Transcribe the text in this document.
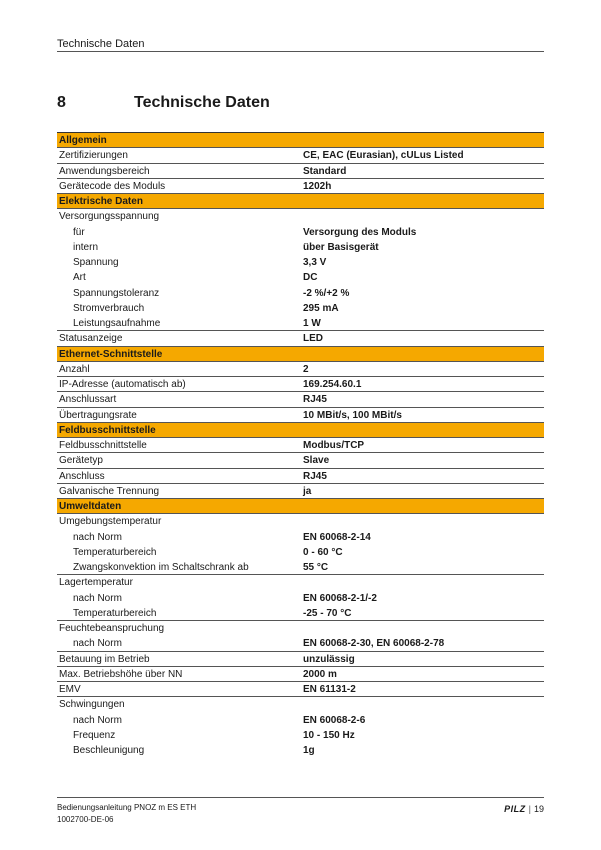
Technische Daten
8	Technische Daten
Allgemein
Zertifizierungen	CE, EAC (Eurasian), cULus Listed
Anwendungsbereich	Standard
Gerätecode des Moduls	1202h
Elektrische Daten
Versorgungsspannung
für	Versorgung des Moduls
intern	über Basisgerät
Spannung	3,3 V
Art	DC
Spannungstoleranz	-2 %/+2 %
Stromverbrauch	295 mA
Leistungsaufnahme	1 W
Statusanzeige	LED
Ethernet-Schnittstelle
Anzahl	2
IP-Adresse (automatisch ab)	169.254.60.1
Anschlussart	RJ45
Übertragungsrate	10 MBit/s, 100 MBit/s
Feldbusschnittstelle
Feldbusschnittstelle	Modbus/TCP
Gerätetyp	Slave
Anschluss	RJ45
Galvanische Trennung	ja
Umweltdaten
Umgebungstemperatur
nach Norm	EN 60068-2-14
Temperaturbereich	0 - 60 °C
Zwangskonvektion im Schaltschrank ab	55 °C
Lagertemperatur
nach Norm	EN 60068-2-1/-2
Temperaturbereich	-25 - 70 °C
Feuchtebeanspruchung
nach Norm	EN 60068-2-30, EN 60068-2-78
Betauung im Betrieb	unzulässig
Max. Betriebshöhe über NN	2000 m
EMV	EN 61131-2
Schwingungen
nach Norm	EN 60068-2-6
Frequenz	10 - 150 Hz
Beschleunigung	1g
Bedienungsanleitung PNOZ m ES ETH
1002700-DE-06
PILZ | 19
